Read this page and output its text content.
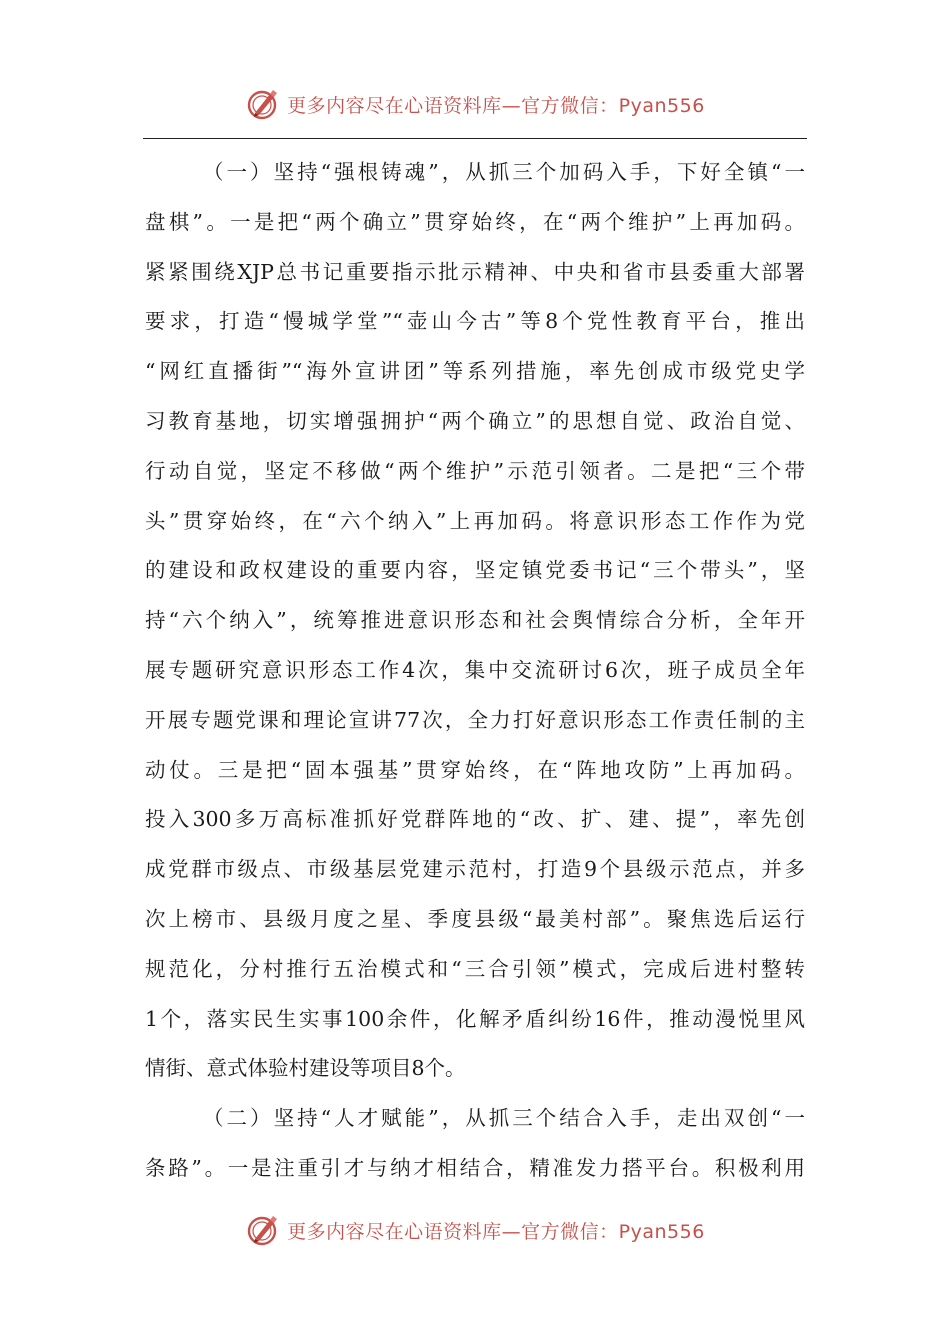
更多内容尽在心语资料库—官方微信：Pyan556
（一）坚持“强根铸魂”，从抓三个加码入手，下好全镇“一
盘棋”。一是把“两个确立”贯穿始终，在“两个维护”上再加码。
紧紧围绕XJP总书记重要指示批示精神、中央和省市县委重大部署
要求，打造“慢城学堂”“壶山今古”等8个党性教育平台，推出
“网红直播街”“海外宣讲团”等系列措施，率先创成市级党史学
习教育基地，切实增强拥护“两个确立”的思想自觉、政治自觉、
行动自觉，坚定不移做“两个维护”示范引领者。二是把“三个带
头”贯穿始终，在“六个纳入”上再加码。将意识形态工作作为党
的建设和政权建设的重要内容，坚定镇党委书记“三个带头”，坚
持“六个纳入”，统筹推进意识形态和社会舆情综合分析，全年开
展专题研究意识形态工作4次，集中交流研讨6次，班子成员全年
开展专题党课和理论宣讲77次，全力打好意识形态工作责任制的主
动仗。三是把“固本强基”贯穿始终，在“阵地攻防”上再加码。
投入300多万高标准抓好党群阵地的“改、扩、建、提”，率先创
成党群市级点、市级基层党建示范村，打造9个县级示范点，并多
次上榜市、县级月度之星、季度县级“最美村部”。聚焦选后运行
规范化，分村推行五治模式和“三合引领”模式，完成后进村整转
1个，落实民生实事100余件，化解矛盾纠纷16件，推动漫悦里风
情街、意式体验村建设等项目8个。
（二）坚持“人才赋能”，从抓三个结合入手，走出双创“一
条路”。一是注重引才与纳才相结合，精准发力搭平台。积极利用
更多内容尽在心语资料库—官方微信：Pyan556
